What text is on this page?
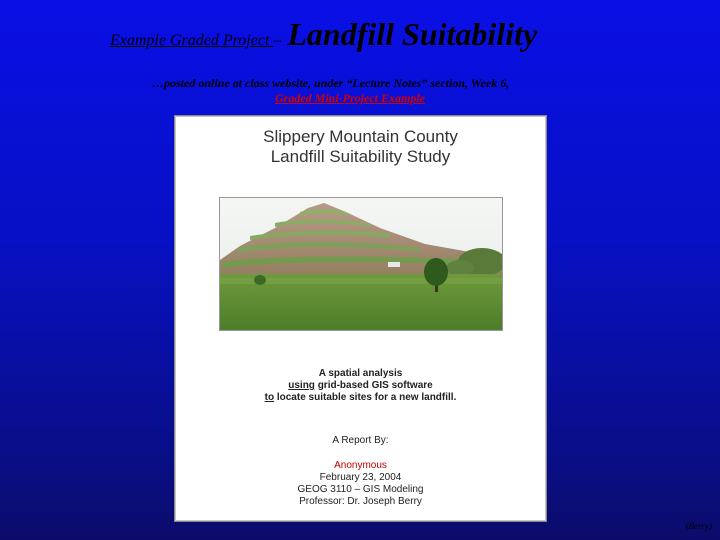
Example Graded Project – Landfill Suitability
…posted online at class website, under “Lecture Notes” section, Week 6,
Graded Mini-Project Example
Slippery Mountain County
Landfill Suitability Study
A spatial analysis
using grid-based GIS software
to locate suitable sites for a new landfill.
A Report By:
Anonymous
February 23, 2004
GEOG 3110 – GIS Modeling
Professor: Dr. Joseph Berry
(Berry)
